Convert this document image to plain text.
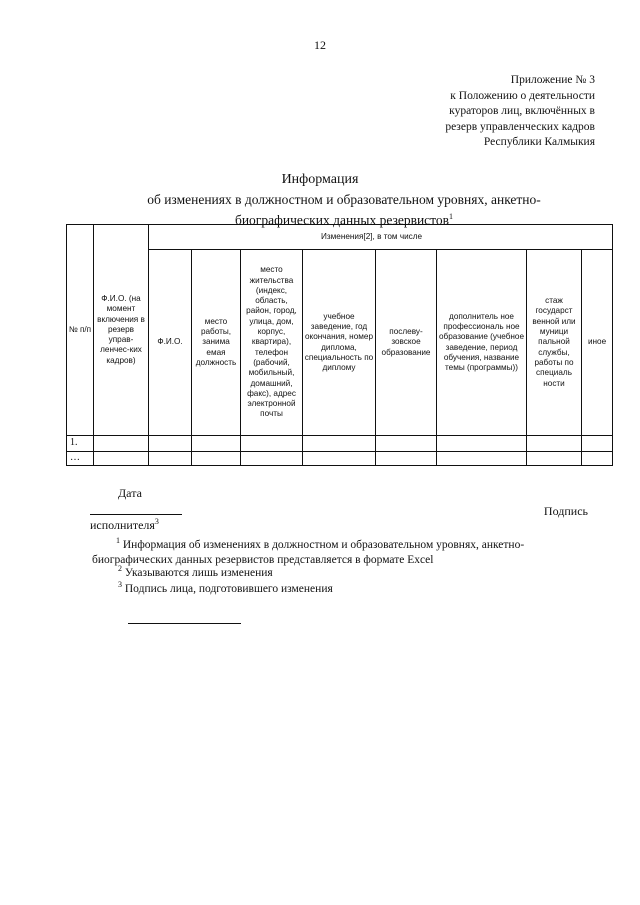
12
Приложение № 3
к Положению о деятельности
кураторов лиц, включённых в
резерв управленческих кадров
Республики Калмыкия
Информация
об изменениях в должностном и образовательном уровнях, анкетно-
биографических данных резервистов$^1$
№ п/п	Ф.И.О. (на момент включения в резерв управ-ленчес-ких кадров)	Изменения[2], в том числе							
		Ф.И.О.	место работы, занима емая должность	место жительства (индекс, область, район, город, улица, дом, корпус, квартира), телефон (рабочий, мобильный, домашний, факс), адрес электронной почты	учебное заведение, год окончания, номер диплома, специальность по диплому	послеву-зовское образование	дополнитель ное профессиональ ное образование (учебное заведение, период обучения, название темы (программы))	стаж государст венной или муници пальной службы, работы по специаль ности	иное
1.									
…									
Дата
Подпись
исполнителя$^3$
$^1$ Информация об изменениях в должностном и образовательном уровнях, анкетно-биографических данных резервистов представляется в формате Excel
$^2$ Указываются лишь изменения
$^3$ Подпись лица, подготовившего изменения
